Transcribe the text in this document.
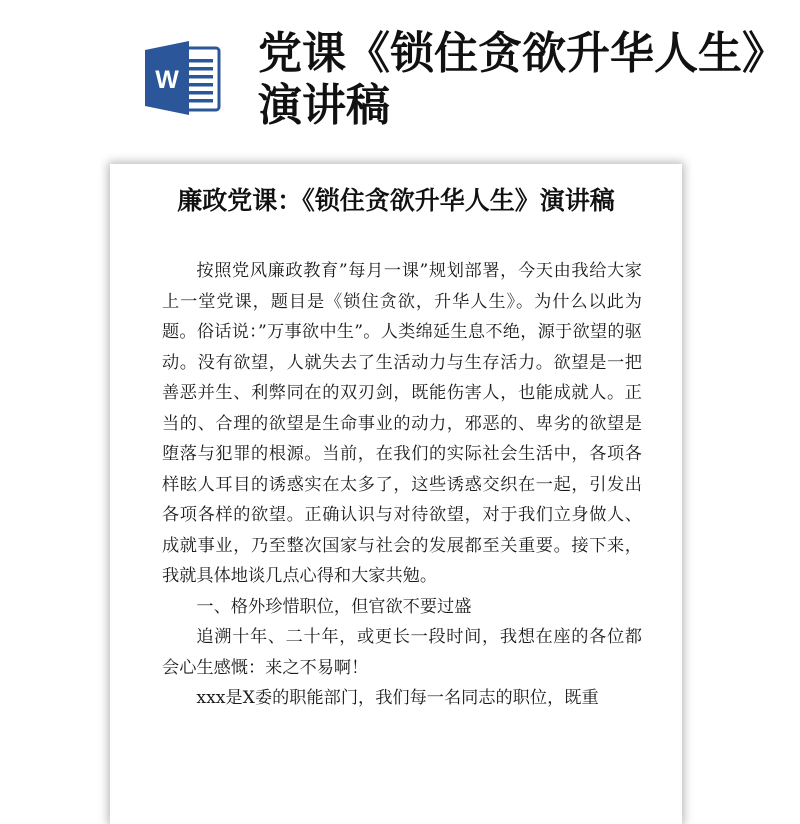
W
党课《锁住贪欲升华人生》演讲稿
廉政党课：《锁住贪欲升华人生》演讲稿

按照党风廉政教育”每月一课”规划部署，今天由我给大家上一堂党课，题目是《锁住贪欲，升华人生》。为什么以此为题。俗话说：”万事欲中生”。人类绵延生息不绝，源于欲望的驱动。没有欲望，人就失去了生活动力与生存活力。欲望是一把善恶并生、利弊同在的双刃剑，既能伤害人，也能成就人。正当的、合理的欲望是生命事业的动力，邪恶的、卑劣的欲望是堕落与犯罪的根源。当前，在我们的实际社会生活中，各项各样眩人耳目的诱惑实在太多了，这些诱惑交织在一起，引发出各项各样的欲望。正确认识与对待欲望，对于我们立身做人、成就事业，乃至整次国家与社会的发展都至关重要。接下来，我就具体地谈几点心得和大家共勉。

一、格外珍惜职位，但官欲不要过盛

追溯十年、二十年，或更长一段时间，我想在座的各位都会心生感慨：来之不易啊！

xxx是X委的职能部门，我们每一名同志的职位，既重
